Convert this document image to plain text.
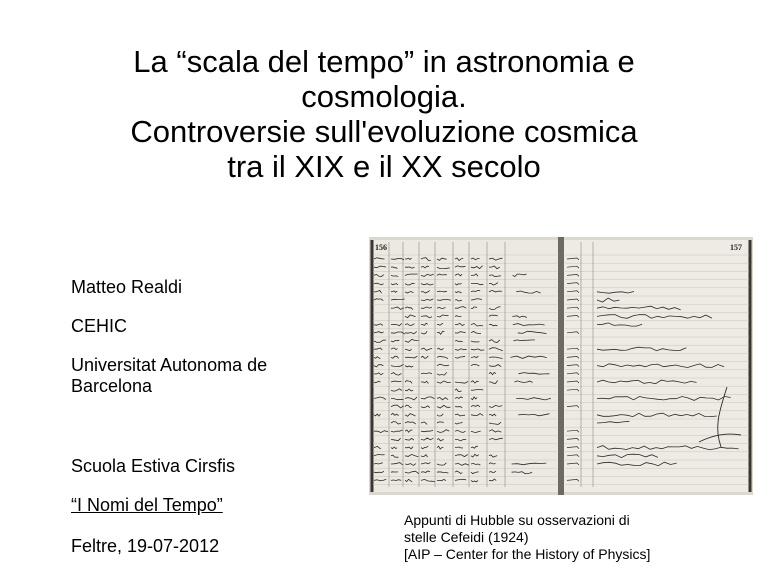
La “scala del tempo” in astronomia e
cosmologia.
Controversie sull'evoluzione cosmica
tra il XIX e il XX secolo
Matteo Realdi
CEHIC
Universitat Autonoma de
Barcelona
Scuola Estiva Cirsfis
“I Nomi del Tempo”
Feltre, 19-07-2012
156	157
Appunti di Hubble su osservazioni di
stelle Cefeidi (1924)
[AIP – Center for the History of Physics]
